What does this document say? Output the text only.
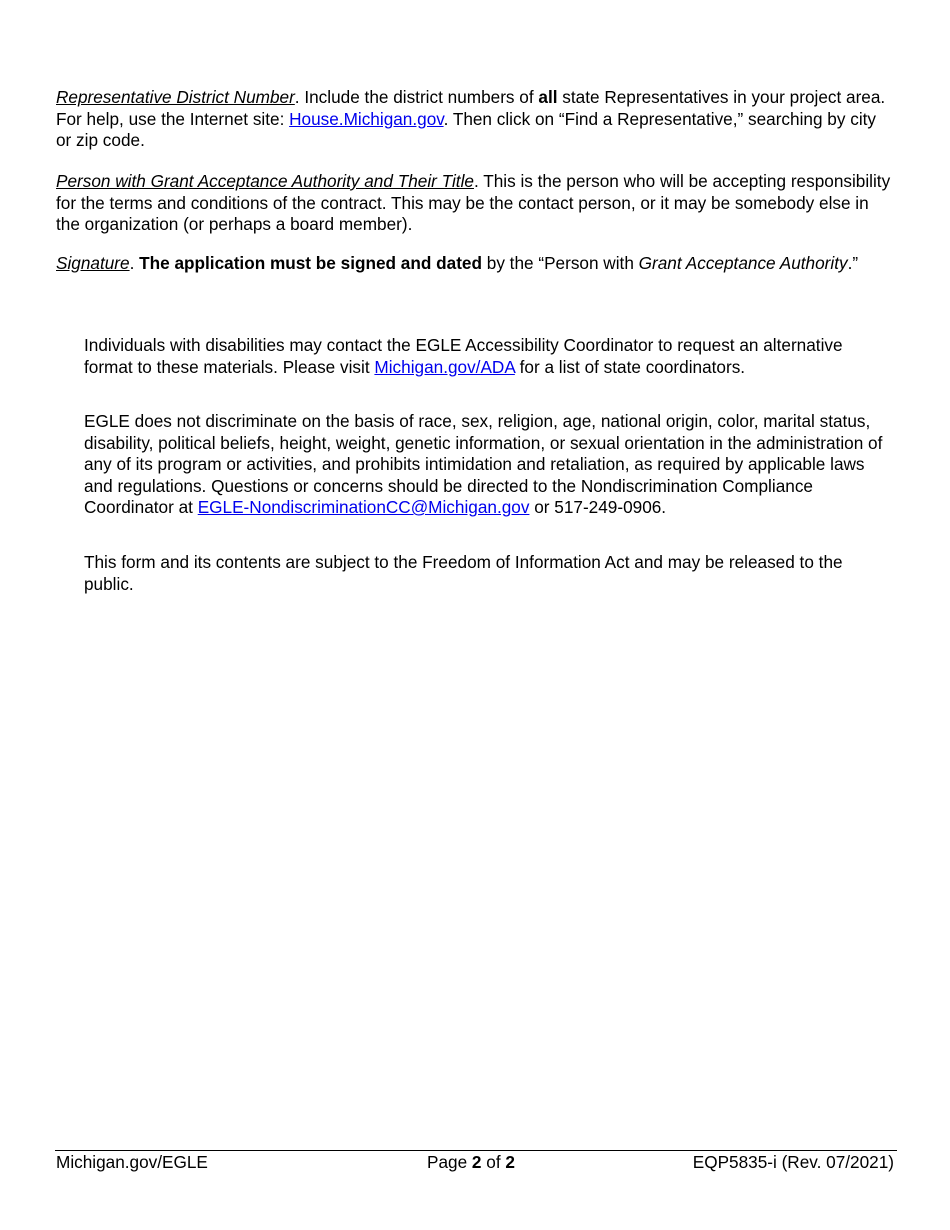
Representative District Number. Include the district numbers of all state Representatives in your project area. For help, use the Internet site: House.Michigan.gov. Then click on “Find a Representative,” searching by city or zip code.

Person with Grant Acceptance Authority and Their Title. This is the person who will be accepting responsibility for the terms and conditions of the contract. This may be the contact person, or it may be somebody else in the organization (or perhaps a board member).

Signature. The application must be signed and dated by the “Person with Grant Acceptance Authority.”

Individuals with disabilities may contact the EGLE Accessibility Coordinator to request an alternative format to these materials. Please visit Michigan.gov/ADA for a list of state coordinators.

EGLE does not discriminate on the basis of race, sex, religion, age, national origin, color, marital status, disability, political beliefs, height, weight, genetic information, or sexual orientation in the administration of any of its program or activities, and prohibits intimidation and retaliation, as required by applicable laws and regulations. Questions or concerns should be directed to the Nondiscrimination Compliance Coordinator at EGLE-NondiscriminationCC@Michigan.gov or 517-249-0906.

This form and its contents are subject to the Freedom of Information Act and may be released to the public.

Michigan.gov/EGLE	Page 2 of 2	EQP5835-i (Rev. 07/2021)
